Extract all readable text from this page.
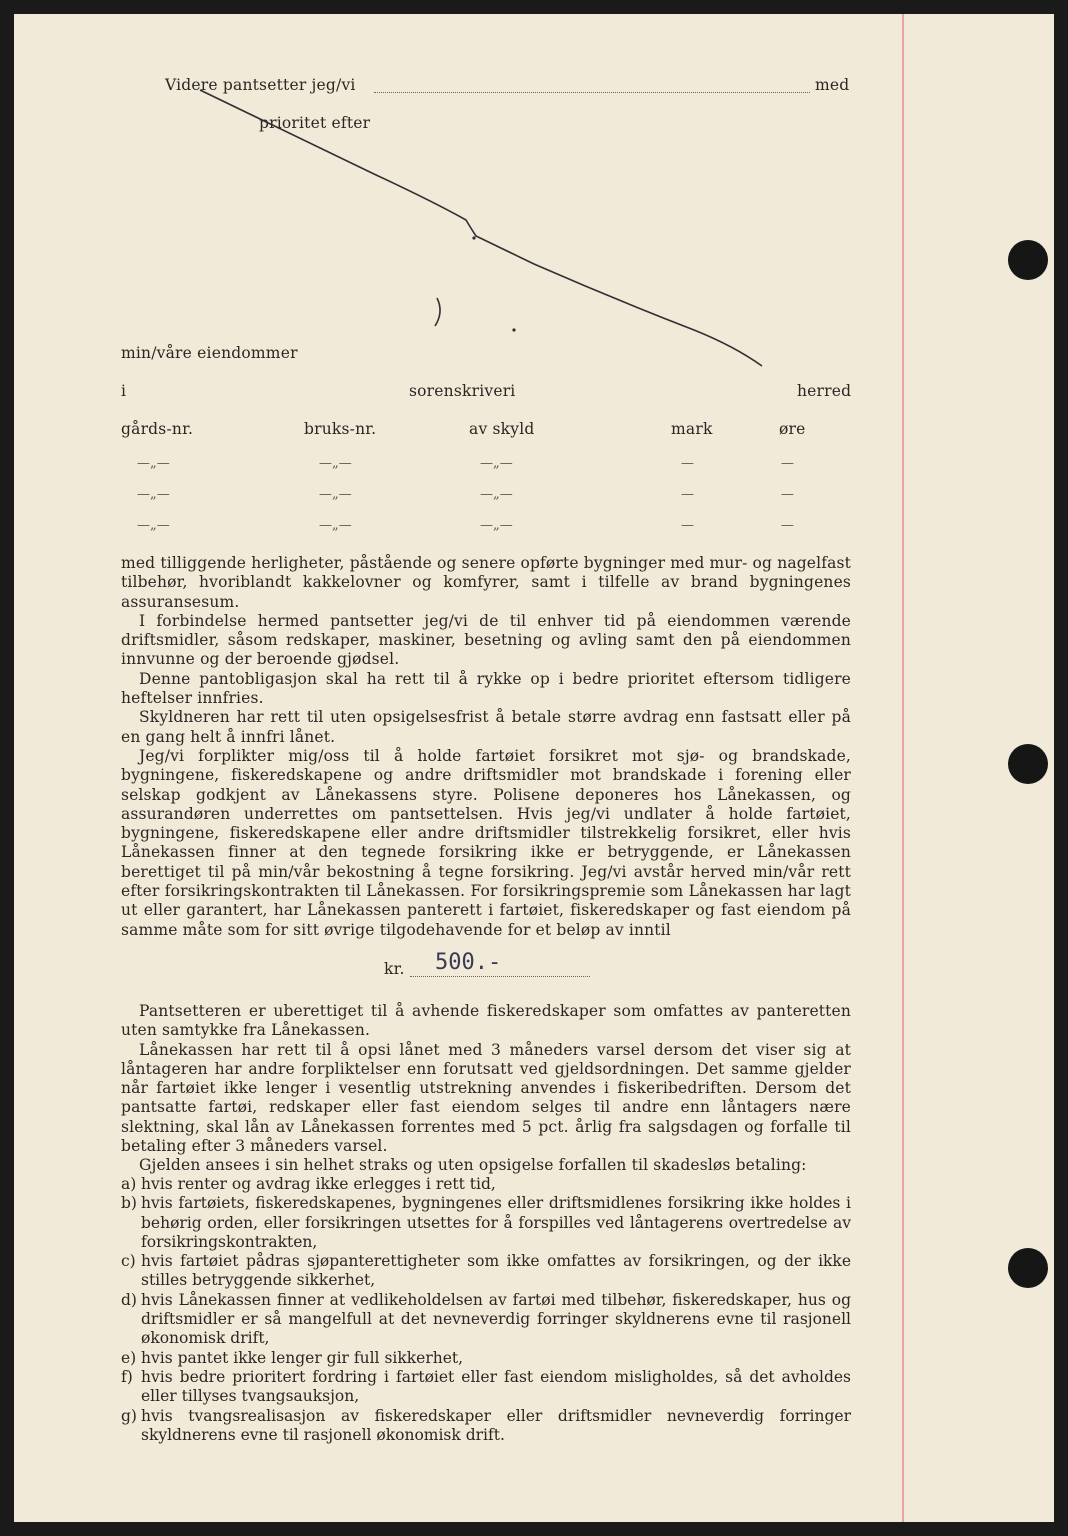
Videre pantsetter jeg/vi	med
prioritet efter
min/våre eiendommer
i	sorenskriveri	herred
gårds-nr.	bruks-nr.	av skyld	mark	øre
—„—	—„—	—„—	—	—
—„—	—„—	—„—	—	—
—„—	—„—	—„—	—	—

med tilliggende herligheter, påstående og senere opførte bygninger med mur- og nagelfast tilbehør, hvoriblandt kakkelovner og komfyrer, samt i tilfelle av brand bygningenes assuransesum.

I forbindelse hermed pantsetter jeg/vi de til enhver tid på eiendommen værende driftsmidler, såsom redskaper, maskiner, besetning og avling samt den på eiendommen innvunne og der beroende gjødsel.

Denne pantobligasjon skal ha rett til å rykke op i bedre prioritet eftersom tidligere heftelser innfries.

Skyldneren har rett til uten opsigelsesfrist å betale større avdrag enn fastsatt eller på en gang helt å innfri lånet.

Jeg/vi forplikter mig/oss til å holde fartøiet forsikret mot sjø- og brandskade, bygningene, fiskeredskapene og andre driftsmidler mot brandskade i forening eller selskap godkjent av Lånekassens styre. Polisene deponeres hos Lånekassen, og assurandøren underrettes om pantsettelsen. Hvis jeg/vi undlater å holde fartøiet, bygningene, fiskeredskapene eller andre driftsmidler tilstrekkelig forsikret, eller hvis Lånekassen finner at den tegnede forsikring ikke er betryggende, er Lånekassen berettiget til på min/vår bekostning å tegne forsikring. Jeg/vi avstår herved min/vår rett efter forsikringskontrakten til Lånekassen. For forsikringspremie som Lånekassen har lagt ut eller garantert, har Lånekassen panterett i fartøiet, fiskeredskaper og fast eiendom på samme måte som for sitt øvrige tilgodehavende for et beløp av inntil

kr. 500.-

Pantsetteren er uberettiget til å avhende fiskeredskaper som omfattes av panteretten uten samtykke fra Lånekassen.

Lånekassen har rett til å opsi lånet med 3 måneders varsel dersom det viser sig at låntageren har andre forpliktelser enn forutsatt ved gjeldsordningen. Det samme gjelder når fartøiet ikke lenger i vesentlig utstrekning anvendes i fiskeribedriften. Dersom det pantsatte fartøi, redskaper eller fast eiendom selges til andre enn låntagers nære slektning, skal lån av Lånekassen forrentes med 5 pct. årlig fra salgsdagen og forfalle til betaling efter 3 måneders varsel.

Gjelden ansees i sin helhet straks og uten opsigelse forfallen til skadesløs betaling:

a) hvis renter og avdrag ikke erlegges i rett tid,
b) hvis fartøiets, fiskeredskapenes, bygningenes eller driftsmidlenes forsikring ikke holdes i behørig orden, eller forsikringen utsettes for å forspilles ved låntagerens overtredelse av forsikringskontrakten,
c) hvis fartøiet pådras sjøpanterettigheter som ikke omfattes av forsikringen, og der ikke stilles betryggende sikkerhet,
d) hvis Lånekassen finner at vedlikeholdelsen av fartøi med tilbehør, fiskeredskaper, hus og driftsmidler er så mangelfull at det nevneverdig forringer skyldnerens evne til rasjonell økonomisk drift,
e) hvis pantet ikke lenger gir full sikkerhet,
f) hvis bedre prioritert fordring i fartøiet eller fast eiendom misligholdes, så det avholdes eller tillyses tvangsauksjon,
g) hvis tvangsrealisasjon av fiskeredskaper eller driftsmidler nevneverdig forringer skyldnerens evne til rasjonell økonomisk drift.
